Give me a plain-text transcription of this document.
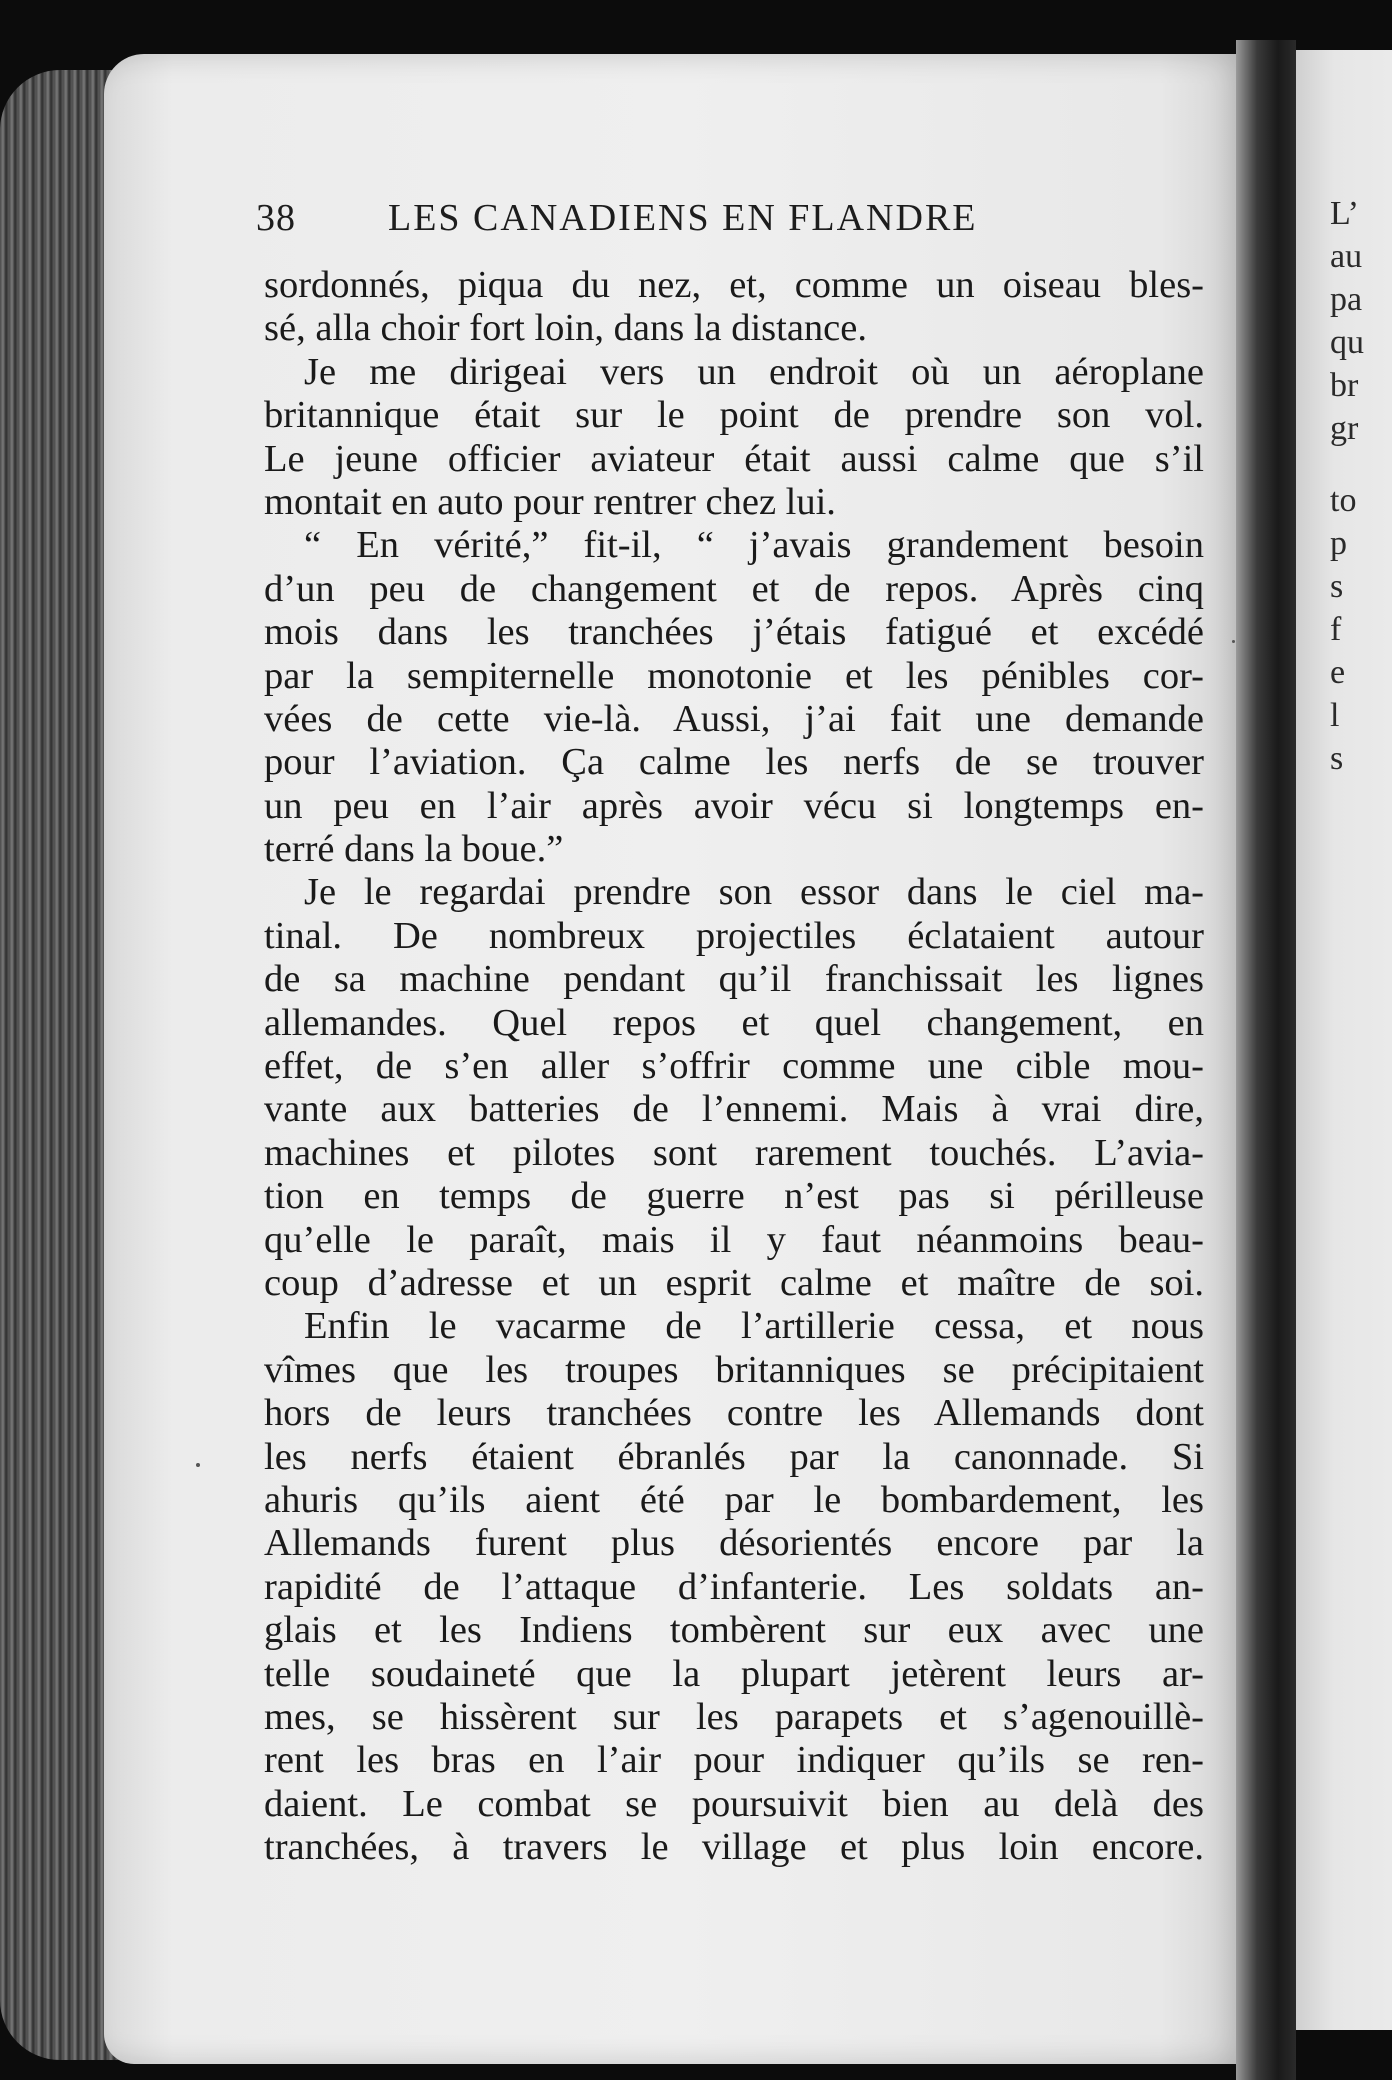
L’
au
pa
qu
br
gr
to
p
s
f
e
l
s
38 LES CANADIENS EN FLANDRE
sordonnés, piqua du nez, et, comme un oiseau bles-
sé, alla choir fort loin, dans la distance.
Je me dirigeai vers un endroit où un aéroplane
britannique était sur le point de prendre son vol.
Le jeune officier aviateur était aussi calme que s’il
montait en auto pour rentrer chez lui.
“ En vérité,” fit-il, “ j’avais grandement besoin
d’un peu de changement et de repos. Après cinq
mois dans les tranchées j’étais fatigué et excédé
par la sempiternelle monotonie et les pénibles cor-
vées de cette vie-là. Aussi, j’ai fait une demande
pour l’aviation. Ça calme les nerfs de se trouver
un peu en l’air après avoir vécu si longtemps en-
terré dans la boue.”
Je le regardai prendre son essor dans le ciel ma-
tinal. De nombreux projectiles éclataient autour
de sa machine pendant qu’il franchissait les lignes
allemandes. Quel repos et quel changement, en
effet, de s’en aller s’offrir comme une cible mou-
vante aux batteries de l’ennemi. Mais à vrai dire,
machines et pilotes sont rarement touchés. L’avia-
tion en temps de guerre n’est pas si périlleuse
qu’elle le paraît, mais il y faut néanmoins beau-
coup d’adresse et un esprit calme et maître de soi.
Enfin le vacarme de l’artillerie cessa, et nous
vîmes que les troupes britanniques se précipitaient
hors de leurs tranchées contre les Allemands dont
les nerfs étaient ébranlés par la canonnade. Si
ahuris qu’ils aient été par le bombardement, les
Allemands furent plus désorientés encore par la
rapidité de l’attaque d’infanterie. Les soldats an-
glais et les Indiens tombèrent sur eux avec une
telle soudaineté que la plupart jetèrent leurs ar-
mes, se hissèrent sur les parapets et s’agenouillè-
rent les bras en l’air pour indiquer qu’ils se ren-
daient. Le combat se poursuivit bien au delà des
tranchées, à travers le village et plus loin encore.
